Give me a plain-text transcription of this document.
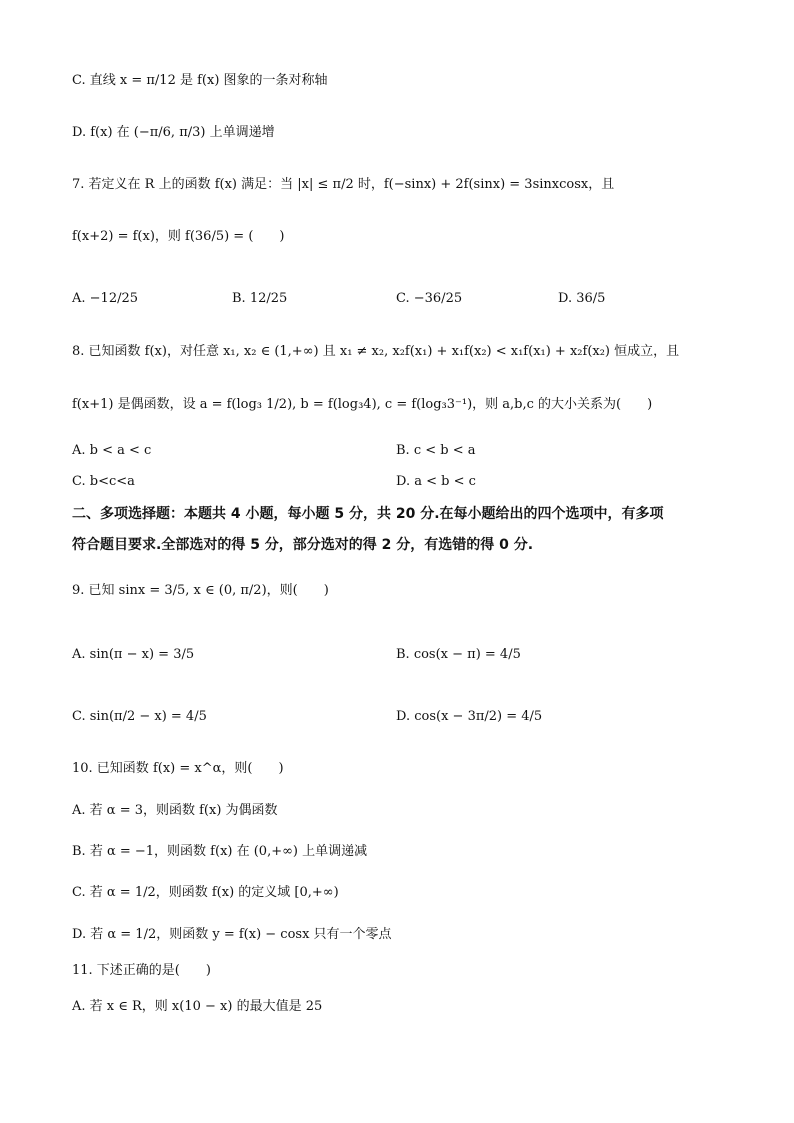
C. 直线 x = π/12 是 f(x) 图象的一条对称轴
D. f(x) 在 (−π/6, π/3) 上单调递增
7. 若定义在 R 上的函数 f(x) 满足：当 |x| ≤ π/2 时，f(−sinx) + 2f(sinx) = 3sinxcosx，且
f(x+2) = f(x)，则 f(36/5) = (　　)
A. −12/25	B. 12/25	C. −36/25	D. 36/5
8. 已知函数 f(x)，对任意 x₁, x₂ ∈ (1,+∞) 且 x₁ ≠ x₂, x₂f(x₁) + x₁f(x₂) < x₁f(x₁) + x₂f(x₂) 恒成立，且
f(x+1) 是偶函数，设 a = f(log₃ 1/2), b = f(log₃4), c = f(log₃3⁻¹)，则 a,b,c 的大小关系为(　　)
A. b < a < c	B. c < b < a
C. b<c<a	D. a < b < c
二、多项选择题：本题共 4 小题，每小题 5 分，共 20 分.在每小题给出的四个选项中，有多项
符合题目要求.全部选对的得 5 分，部分选对的得 2 分，有选错的得 0 分.
9. 已知 sinx = 3/5, x ∈ (0, π/2)，则(　　)
A. sin(π − x) = 3/5	B. cos(x − π) = 4/5
C. sin(π/2 − x) = 4/5	D. cos(x − 3π/2) = 4/5
10. 已知函数 f(x) = x^α，则(　　)
A. 若 α = 3，则函数 f(x) 为偶函数
B. 若 α = −1，则函数 f(x) 在 (0,+∞) 上单调递减
C. 若 α = 1/2，则函数 f(x) 的定义域 [0,+∞)
D. 若 α = 1/2，则函数 y = f(x) − cosx 只有一个零点
11. 下述正确的是(　　)
A. 若 x ∈ R，则 x(10 − x) 的最大值是 25
